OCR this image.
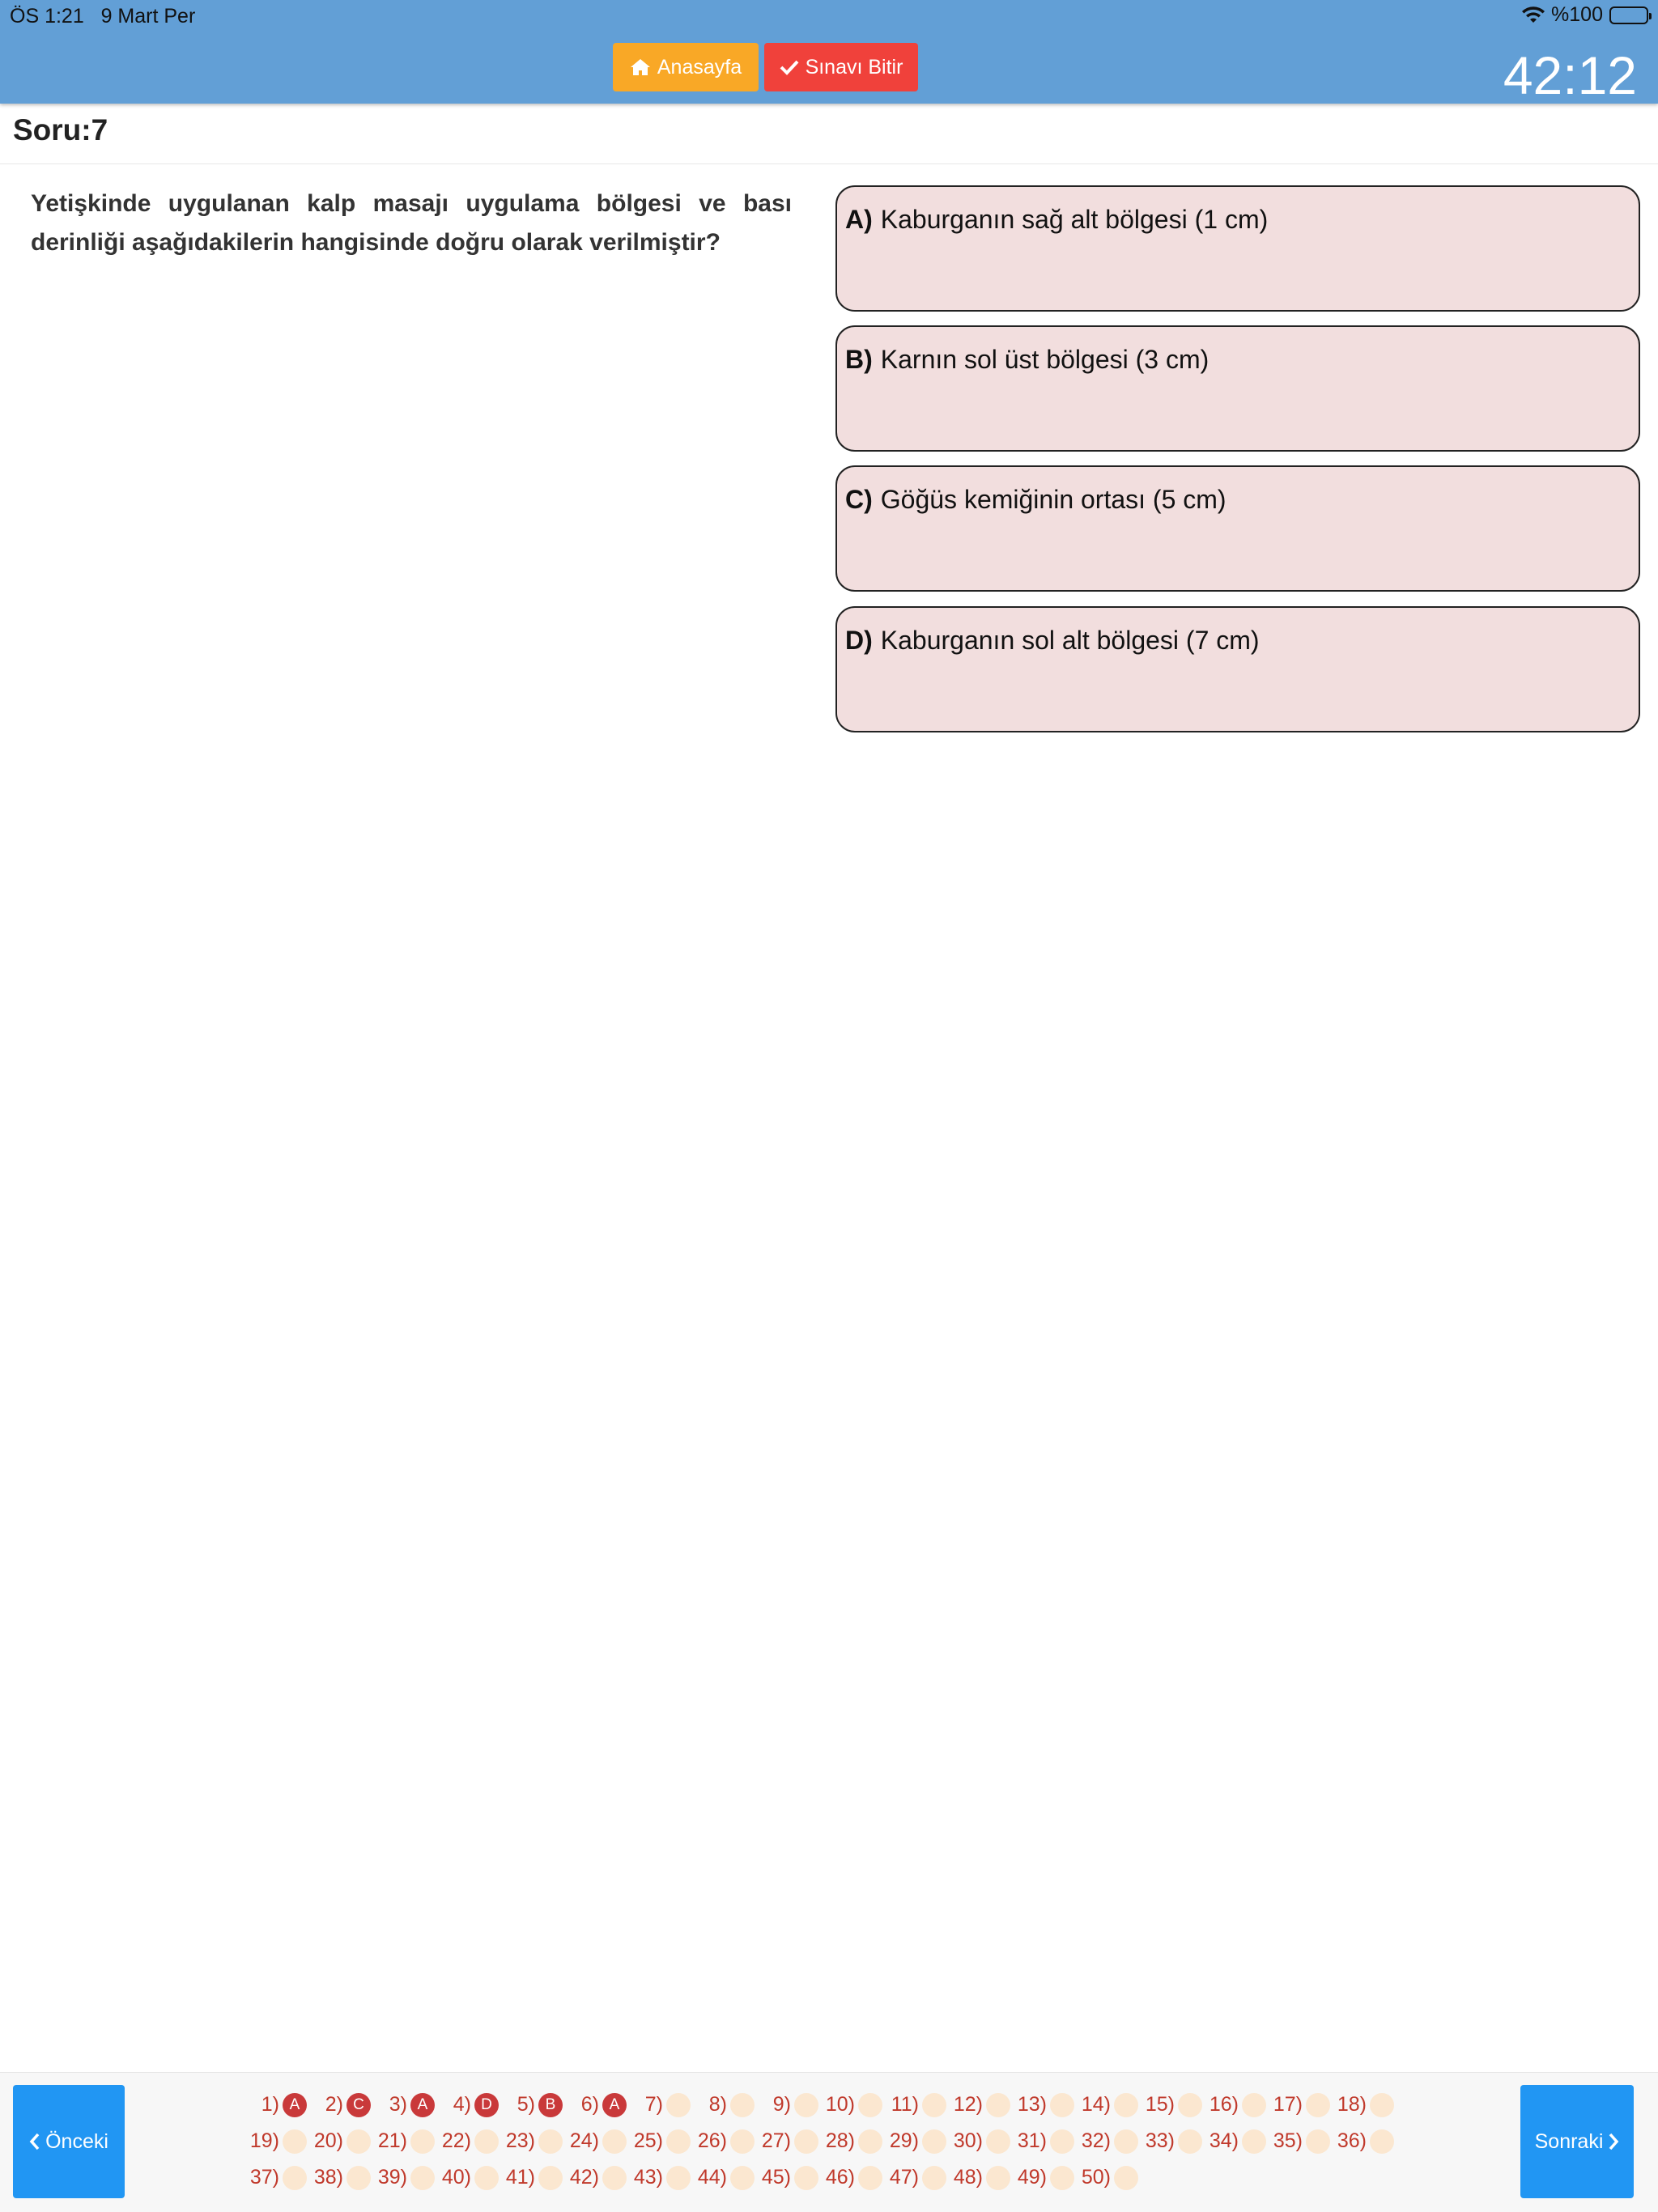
ÖS 1:21 9 Mart Per	%100
Anasayfa	Sınavı Bitir	42:12
Soru:7
Yetişkinde uygulanan kalp masajı uygulama bölgesi ve bası derinliği aşağıdakilerin hangisinde doğru olarak verilmiştir?
A) Kaburganın sağ alt bölgesi (1 cm)
B) Karnın sol üst bölgesi (3 cm)
C) Göğüs kemiğinin ortası (5 cm)
D) Kaburganın sol alt bölgesi (7 cm)
Önceki	Sonraki
1) A	2) C	3) A	4) D	5) B	6) A	7) 8) 9) 10) 11) 12) 13) 14) 15) 16) 17) 18)
19) 20) 21) 22) 23) 24) 25) 26) 27) 28) 29) 30) 31) 32) 33) 34) 35) 36)
37) 38) 39) 40) 41) 42) 43) 44) 45) 46) 47) 48) 49) 50)
